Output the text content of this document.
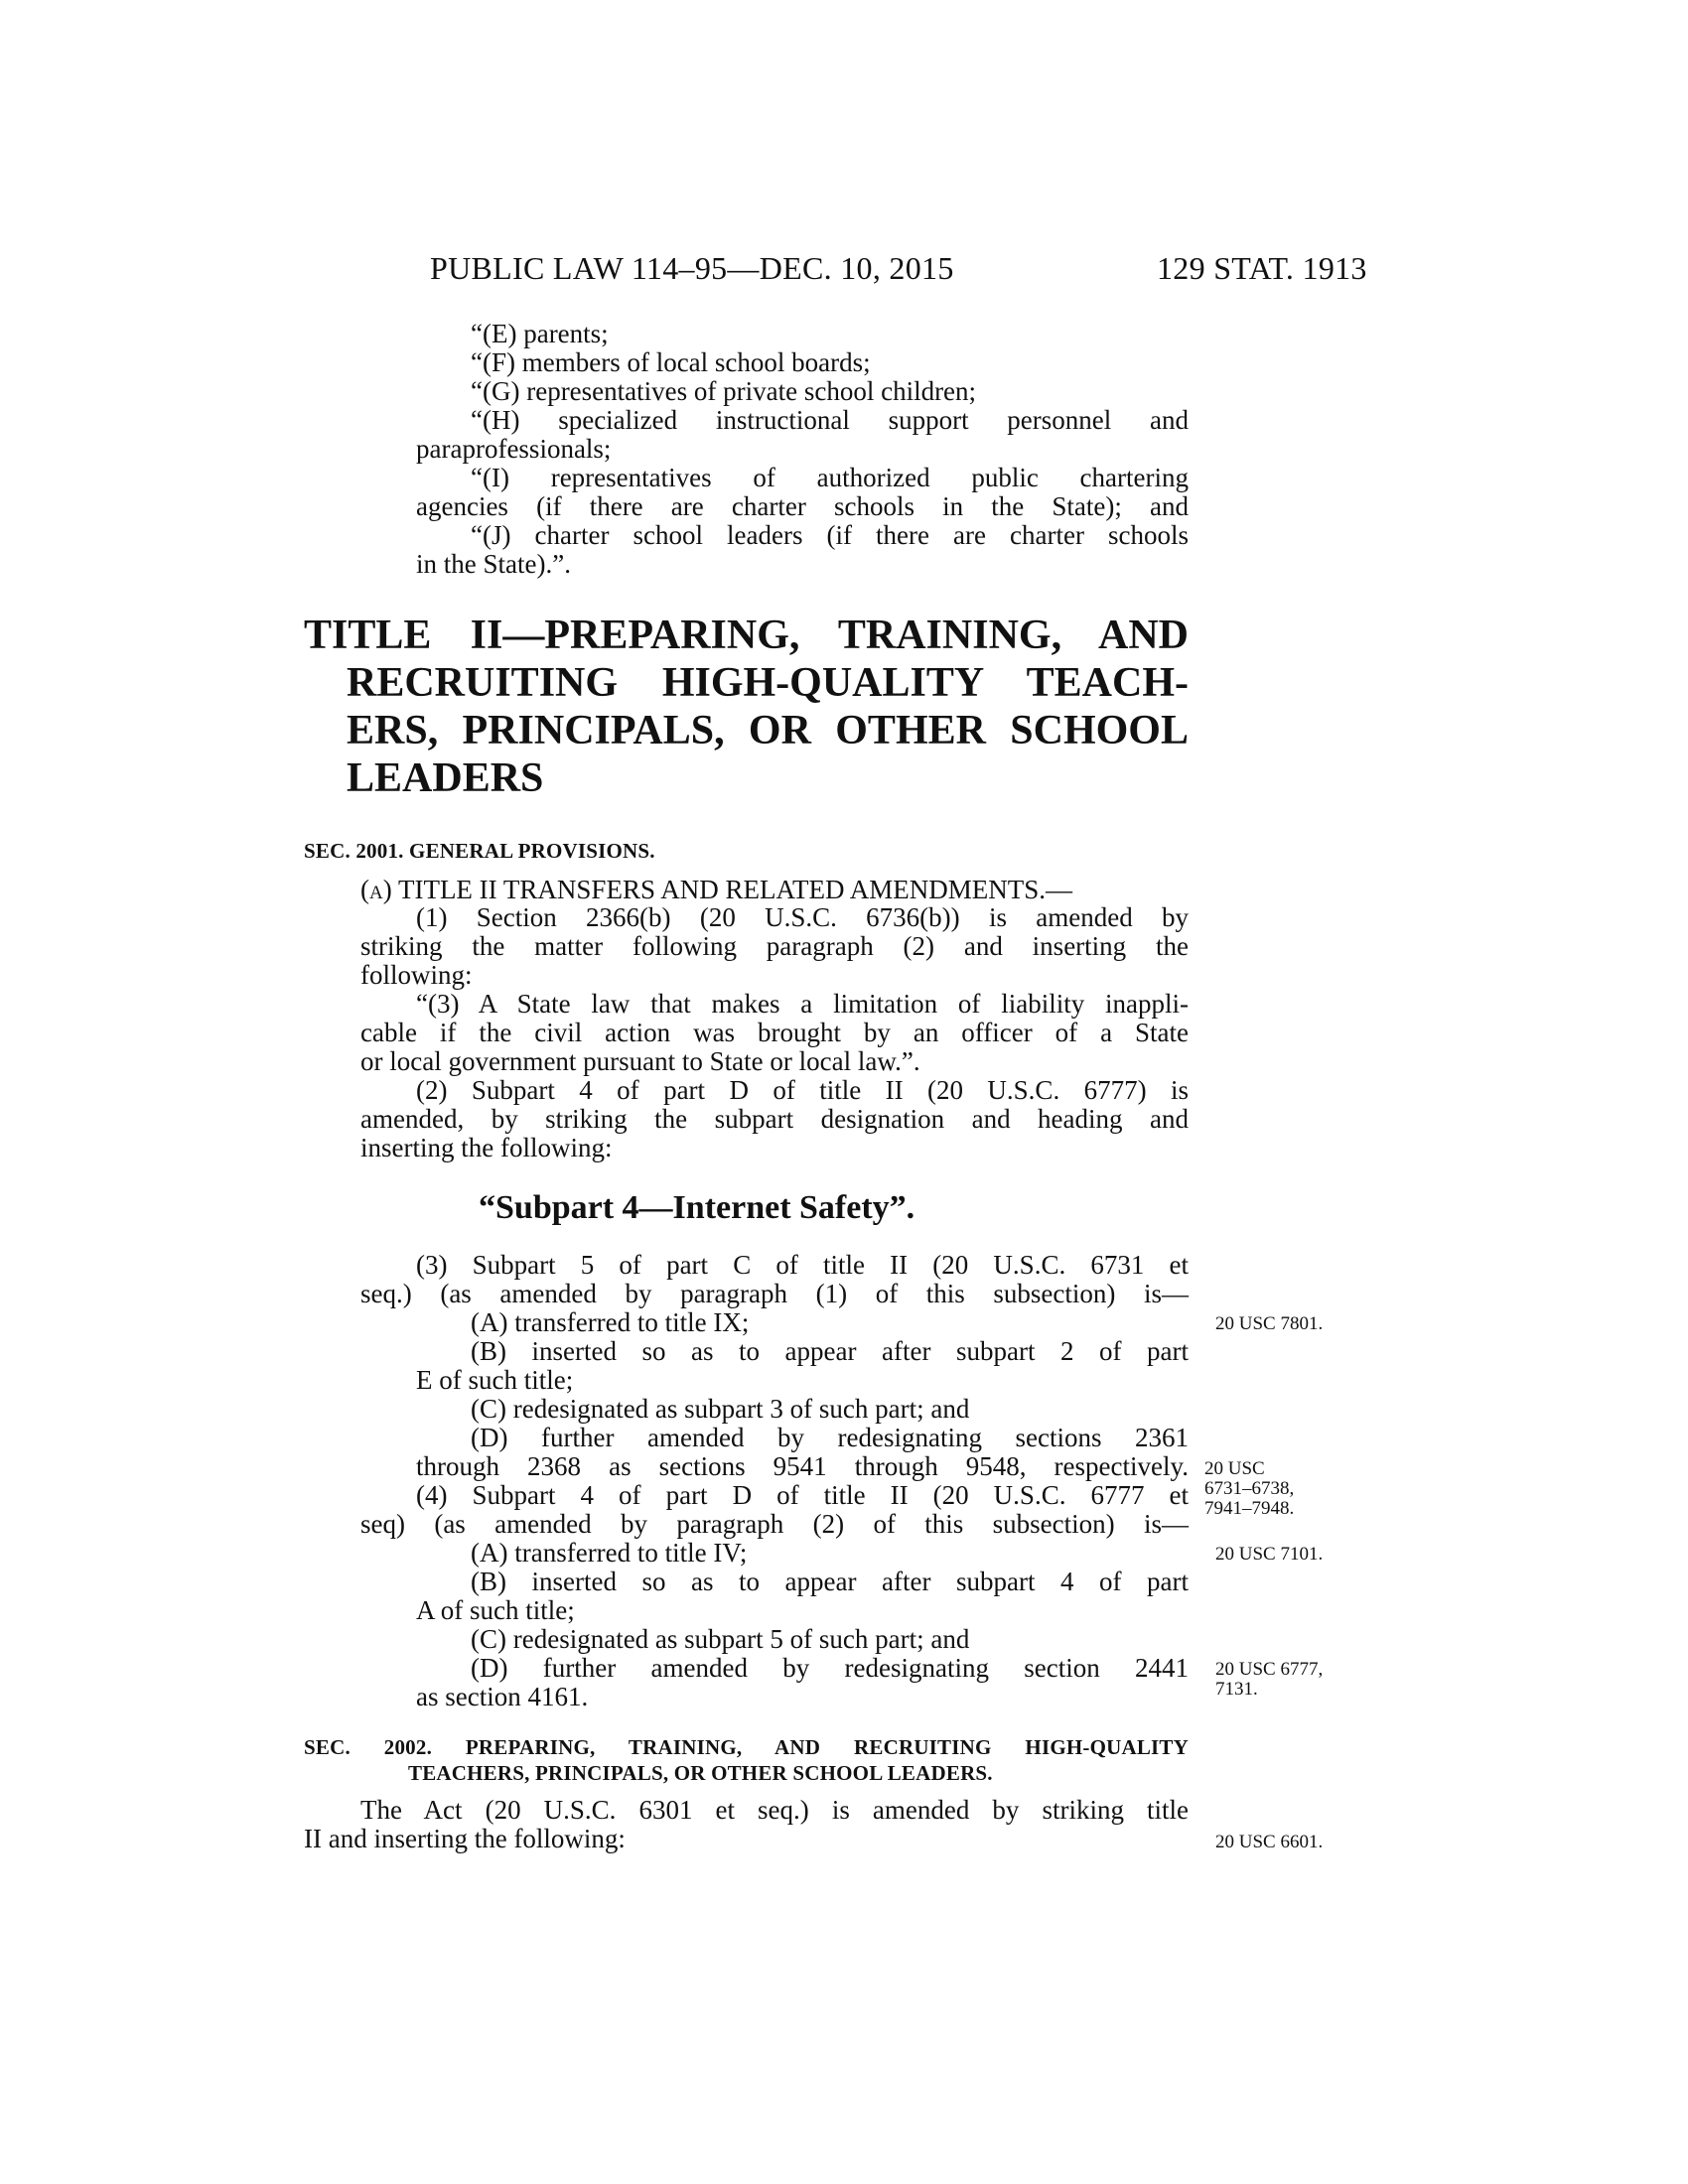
PUBLIC LAW 114–95—DEC. 10, 2015	129 STAT. 1913
“(E) parents;
“(F) members of local school boards;
“(G) representatives of private school children;
“(H) specialized instructional support personnel and
paraprofessionals;
“(I) representatives of authorized public chartering
agencies (if there are charter schools in the State); and
“(J) charter school leaders (if there are charter schools
in the State).”.
TITLE II—PREPARING, TRAINING, AND
RECRUITING HIGH-QUALITY TEACH-
ERS, PRINCIPALS, OR OTHER SCHOOL
LEADERS
SEC. 2001. GENERAL PROVISIONS.
(a) TITLE II TRANSFERS AND RELATED AMENDMENTS.—
(1) Section 2366(b) (20 U.S.C. 6736(b)) is amended by
striking the matter following paragraph (2) and inserting the
following:
“(3) A State law that makes a limitation of liability inappli-
cable if the civil action was brought by an officer of a State
or local government pursuant to State or local law.”.
(2) Subpart 4 of part D of title II (20 U.S.C. 6777) is
amended, by striking the subpart designation and heading and
inserting the following:
“Subpart 4—Internet Safety”.
(3) Subpart 5 of part C of title II (20 U.S.C. 6731 et
seq.) (as amended by paragraph (1) of this subsection) is—
(A) transferred to title IX;
(B) inserted so as to appear after subpart 2 of part
E of such title;
(C) redesignated as subpart 3 of such part; and
(D) further amended by redesignating sections 2361
through 2368 as sections 9541 through 9548, respectively.
(4) Subpart 4 of part D of title II (20 U.S.C. 6777 et
seq) (as amended by paragraph (2) of this subsection) is—
(A) transferred to title IV;
(B) inserted so as to appear after subpart 4 of part
A of such title;
(C) redesignated as subpart 5 of such part; and
(D) further amended by redesignating section 2441
as section 4161.
20 USC 7801.
20 USC
6731–6738,
7941–7948.
20 USC 7101.
20 USC 6777,
7131.
20 USC 6601.
SEC. 2002. PREPARING, TRAINING, AND RECRUITING HIGH-QUALITY
TEACHERS, PRINCIPALS, OR OTHER SCHOOL LEADERS.
The Act (20 U.S.C. 6301 et seq.) is amended by striking title
II and inserting the following:
